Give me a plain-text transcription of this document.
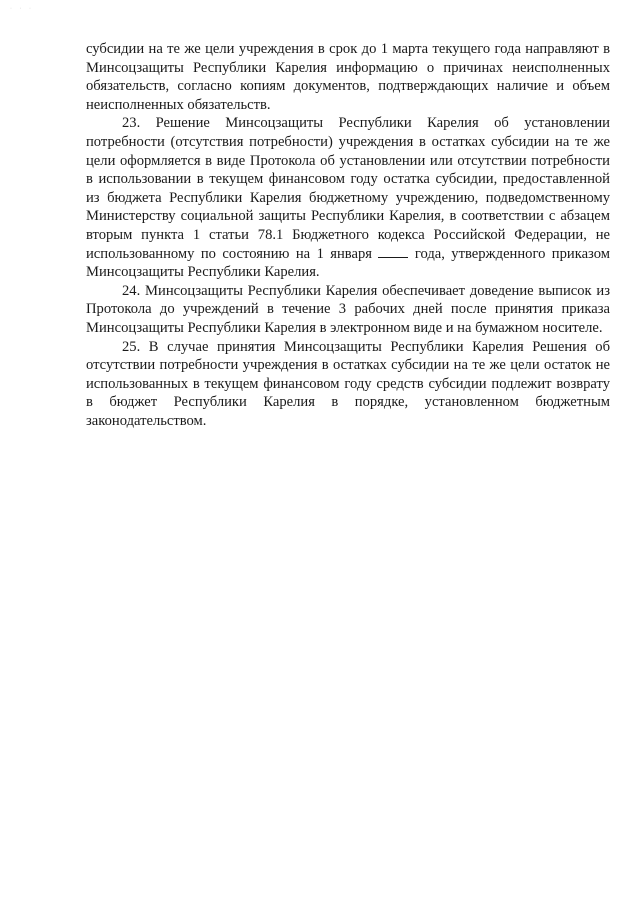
· · ·

субсидии на те же цели учреждения в срок до 1 марта текущего года направляют в Минсоцзащиты Республики Карелия информацию о причинах неисполненных обязательств, согласно копиям документов, подтверждающих наличие и объем неисполненных обязательств.

23. Решение Минсоцзащиты Республики Карелия об установлении потребности (отсутствия потребности) учреждения в остатках субсидии на те же цели оформляется в виде Протокола об установлении или отсутствии потребности в использовании в текущем финансовом году остатка субсидии, предоставленной из бюджета Республики Карелия бюджетному учреждению, подведомственному Министерству социальной защиты Республики Карелия, в соответствии с абзацем вторым пункта 1 статьи 78.1 Бюджетного кодекса Российской Федерации, не использованному по состоянию на 1 января	года, утвержденного приказом Минсоцзащиты Республики Карелия.

24. Минсоцзащиты Республики Карелия обеспечивает доведение выписок из Протокола до учреждений в течение 3 рабочих дней после принятия приказа Минсоцзащиты Республики Карелия в электронном виде и на бумажном носителе.

25. В случае принятия Минсоцзащиты Республики Карелия Решения об отсутствии потребности учреждения в остатках субсидии на те же цели остаток не использованных в текущем финансовом году средств субсидии подлежит возврату в бюджет Республики Карелия в порядке, установленном бюджетным законодательством.
